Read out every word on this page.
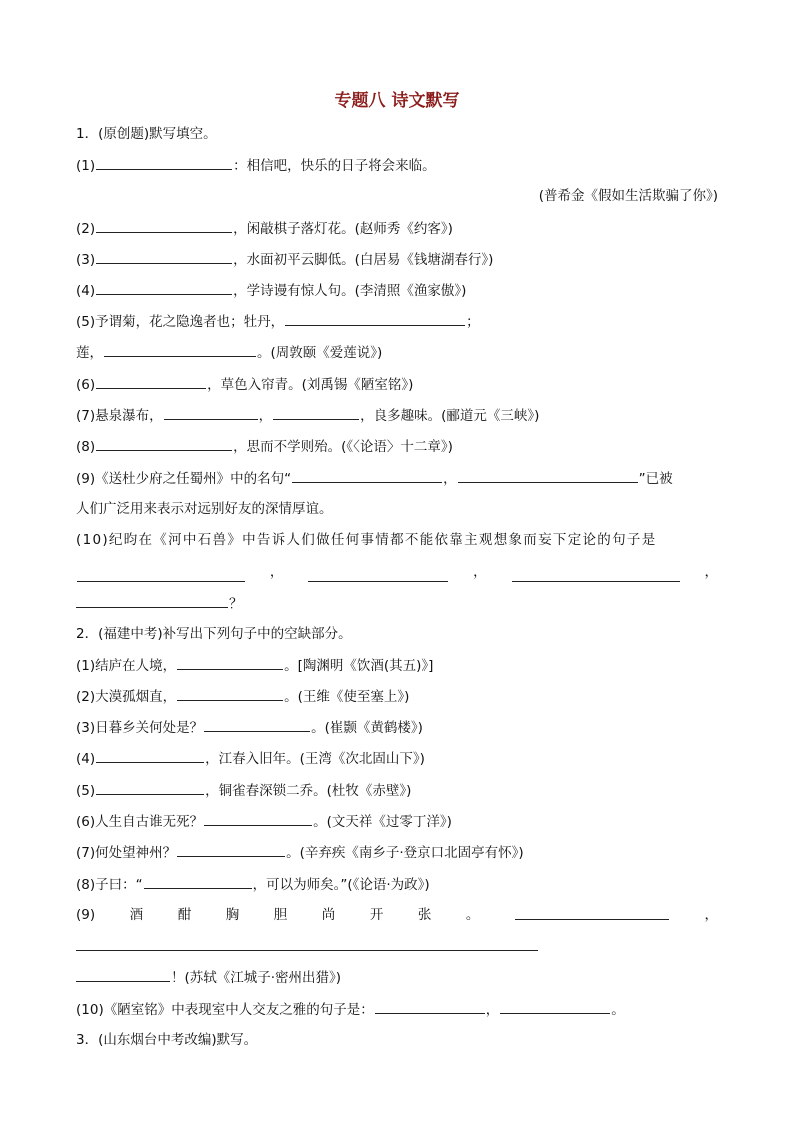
专题八 诗文默写
1．(原创题)默写填空。
(1)	：相信吧，快乐的日子将会来临。
(普希金《假如生活欺骗了你》)
(2)	，闲敲棋子落灯花。(赵师秀《约客》)
(3)	，水面初平云脚低。(白居易《钱塘湖春行》)
(4)	，学诗谩有惊人句。(李清照《渔家傲》)
(5)予谓菊，花之隐逸者也；牡丹，	；
莲，	。(周敦颐《爱莲说》)
(6)	，草色入帘青。(刘禹锡《陋室铭》)
(7)悬泉瀑布，	，	，良多趣味。(郦道元《三峡》)
(8)	，思而不学则殆。(《〈论语〉十二章》)
(9)《送杜少府之任蜀州》中的名句“	，	”已被
人们广泛用来表示对远别好友的深情厚谊。
(10)纪昀在《河中石兽》中告诉人们做任何事情都不能依靠主观想象而妄下定论的句子是
，	，	，
？
2．(福建中考)补写出下列句子中的空缺部分。
(1)结庐在人境，	。[陶渊明《饮酒(其五)》]
(2)大漠孤烟直，	。(王维《使至塞上》)
(3)日暮乡关何处是？	。(崔颢《黄鹤楼》)
(4)	，江春入旧年。(王湾《次北固山下》)
(5)	，铜雀春深锁二乔。(杜牧《赤壁》)
(6)人生自古谁无死？	。(文天祥《过零丁洋》)
(7)何处望神州？	。(辛弃疾《南乡子·登京口北固亭有怀》)
(8)子曰：“	，可以为师矣。”(《论语·为政》)
(9)	酒	酣	胸	胆	尚	开	张	。	，
！(苏轼《江城子·密州出猎》)
(10)《陋室铭》中表现室中人交友之雅的句子是：	，	。
3．(山东烟台中考改编)默写。
